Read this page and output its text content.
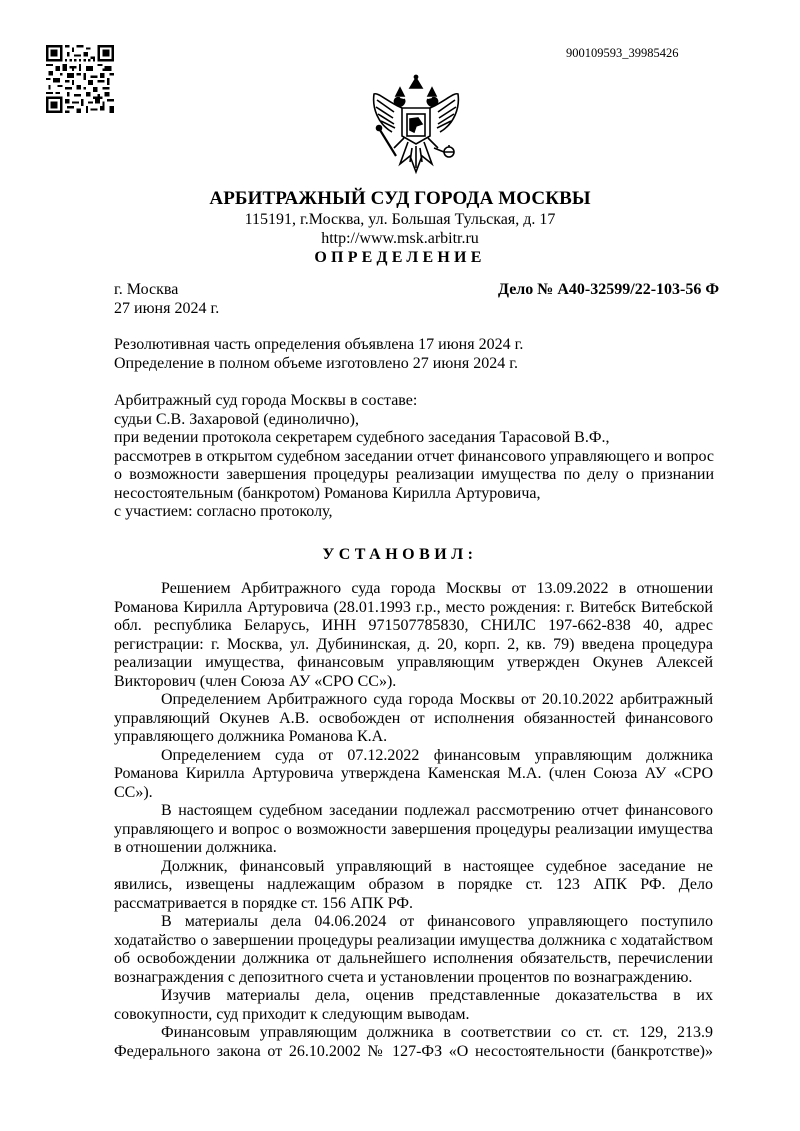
900109593_39985426
АРБИТРАЖНЫЙ СУД ГОРОДА МОСКВЫ
115191, г.Москва, ул. Большая Тульская, д. 17
http://www.msk.arbitr.ru
ОПРЕДЕЛЕНИЕ
г. Москва
27 июня 2024 г.
Дело № А40-32599/22-103-56 Ф
Резолютивная часть определения объявлена 17 июня 2024 г.
Определение в полном объеме изготовлено 27 июня 2024 г.
Арбитражный суд города Москвы в составе:
судьи С.В. Захаровой (единолично),
при ведении протокола секретарем судебного заседания Тарасовой В.Ф.,

рассмотрев в открытом судебном заседании отчет финансового управляющего и вопрос о возможности завершения процедуры реализации имущества по делу о признании несостоятельным (банкротом) Романова Кирилла Артуровича,

с участием: согласно протоколу,
УСТАНОВИЛ:

Решением Арбитражного суда города Москвы от 13.09.2022 в отношении Романова Кирилла Артуровича (28.01.1993 г.р., место рождения: г. Витебск Витебской обл. республика Беларусь, ИНН 971507785830, СНИЛС 197-662-838 40, адрес регистрации: г. Москва, ул. Дубининская, д. 20, корп. 2, кв. 79) введена процедура реализации имущества, финансовым управляющим утвержден Окунев Алексей Викторович (член Союза АУ «СРО СС»).

Определением Арбитражного суда города Москвы от 20.10.2022 арбитражный управляющий Окунев А.В. освобожден от исполнения обязанностей финансового управляющего должника Романова К.А.

Определением суда от 07.12.2022 финансовым управляющим должника Романова Кирилла Артуровича утверждена Каменская М.А. (член Союза АУ «СРО СС»).

В настоящем судебном заседании подлежал рассмотрению отчет финансового управляющего и вопрос о возможности завершения процедуры реализации имущества в отношении должника.

Должник, финансовый управляющий в настоящее судебное заседание не явились, извещены надлежащим образом в порядке ст. 123 АПК РФ. Дело рассматривается в порядке ст. 156 АПК РФ.

В материалы дела 04.06.2024 от финансового управляющего поступило ходатайство о завершении процедуры реализации имущества должника с ходатайством об освобождении должника от дальнейшего исполнения обязательств, перечислении вознаграждения с депозитного счета и установлении процентов по вознаграждению.

Изучив материалы дела, оценив представленные доказательства в их совокупности, суд приходит к следующим выводам.

Финансовым управляющим должника в соответствии со ст. ст. 129, 213.9 Федерального закона от 26.10.2002 № 127-ФЗ «О несостоятельности (банкротстве)»
